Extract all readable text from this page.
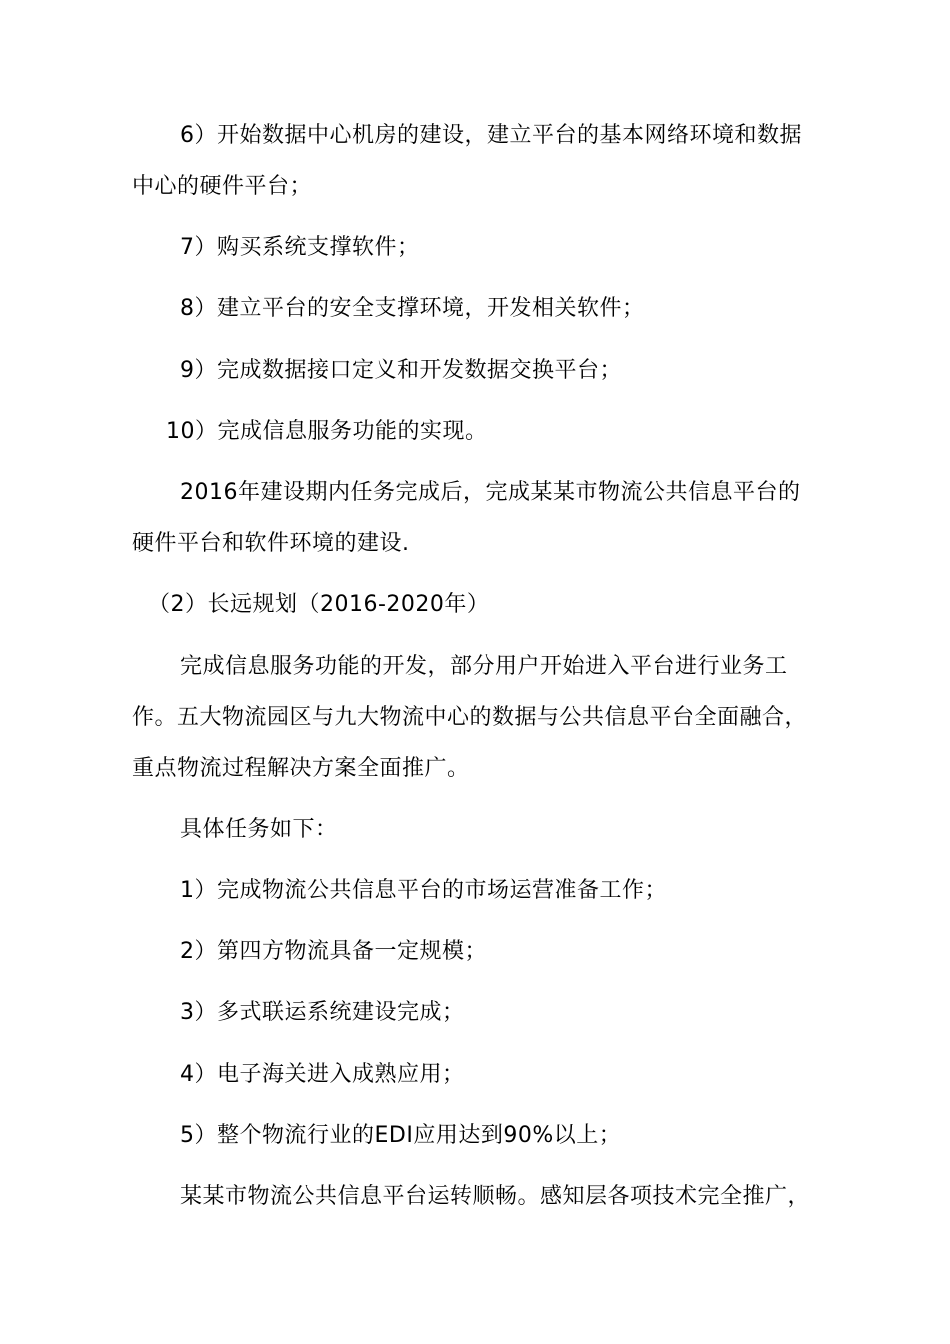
6）开始数据中心机房的建设，建立平台的基本网络环境和数据
中心的硬件平台；
7）购买系统支撑软件；
8）建立平台的安全支撑环境，开发相关软件；
9）完成数据接口定义和开发数据交换平台；
10）完成信息服务功能的实现。
2016年建设期内任务完成后，完成某某市物流公共信息平台的
硬件平台和软件环境的建设.
（2）长远规划（2016-2020年）
完成信息服务功能的开发，部分用户开始进入平台进行业务工
作。五大物流园区与九大物流中心的数据与公共信息平台全面融合，
重点物流过程解决方案全面推广。
具体任务如下：
1）完成物流公共信息平台的市场运营准备工作；
2）第四方物流具备一定规模；
3）多式联运系统建设完成；
4）电子海关进入成熟应用；
5）整个物流行业的EDI应用达到90%以上；
某某市物流公共信息平台运转顺畅。感知层各项技术完全推广，
